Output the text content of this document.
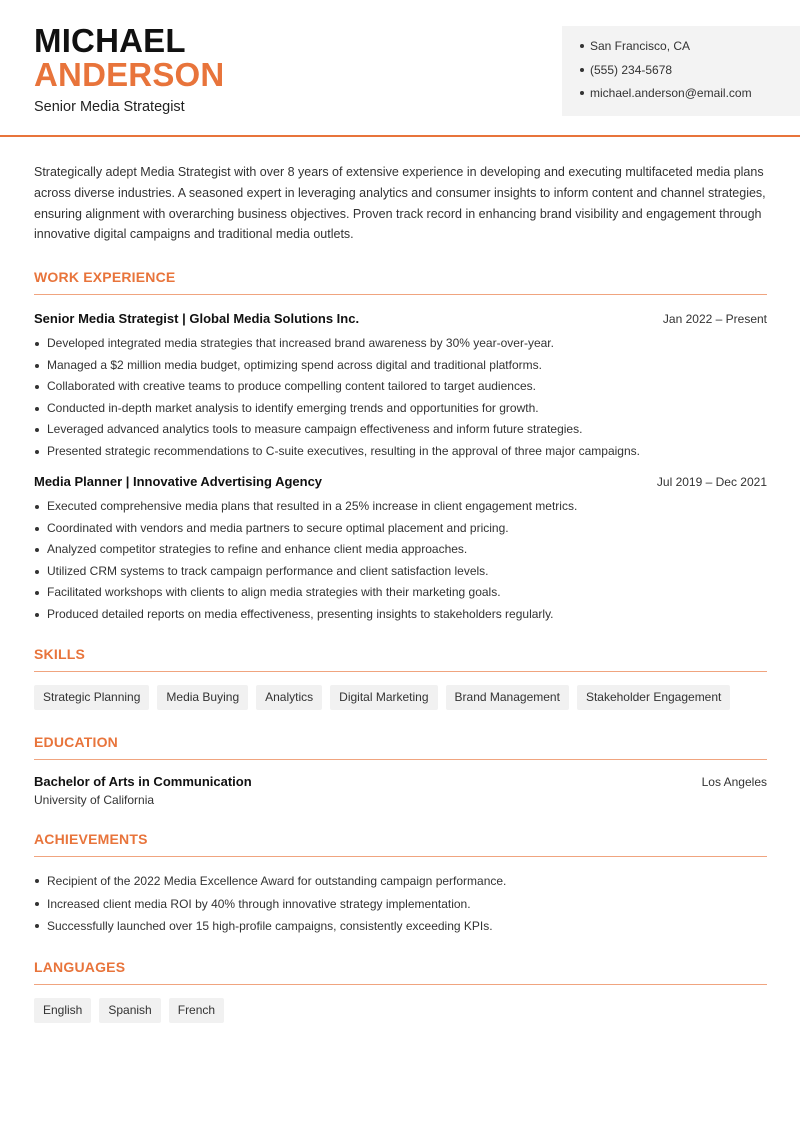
MICHAEL
ANDERSON
Senior Media Strategist
San Francisco, CA
(555) 234-5678
michael.anderson@email.com

Strategically adept Media Strategist with over 8 years of extensive experience in developing and executing multifaceted media plans across diverse industries. A seasoned expert in leveraging analytics and consumer insights to inform content and channel strategies, ensuring alignment with overarching business objectives. Proven track record in enhancing brand visibility and engagement through innovative digital campaigns and traditional media outlets.

WORK EXPERIENCE
Senior Media Strategist | Global Media Solutions Inc.	Jan 2022 – Present
Developed integrated media strategies that increased brand awareness by 30% year-over-year.
Managed a $2 million media budget, optimizing spend across digital and traditional platforms.
Collaborated with creative teams to produce compelling content tailored to target audiences.
Conducted in-depth market analysis to identify emerging trends and opportunities for growth.
Leveraged advanced analytics tools to measure campaign effectiveness and inform future strategies.
Presented strategic recommendations to C-suite executives, resulting in the approval of three major campaigns.
Media Planner | Innovative Advertising Agency	Jul 2019 – Dec 2021
Executed comprehensive media plans that resulted in a 25% increase in client engagement metrics.
Coordinated with vendors and media partners to secure optimal placement and pricing.
Analyzed competitor strategies to refine and enhance client media approaches.
Utilized CRM systems to track campaign performance and client satisfaction levels.
Facilitated workshops with clients to align media strategies with their marketing goals.
Produced detailed reports on media effectiveness, presenting insights to stakeholders regularly.
SKILLS
Strategic Planning	Media Buying	Analytics	Digital Marketing	Brand Management	Stakeholder Engagement
EDUCATION
Bachelor of Arts in Communication	Los Angeles
University of California
ACHIEVEMENTS
Recipient of the 2022 Media Excellence Award for outstanding campaign performance.
Increased client media ROI by 40% through innovative strategy implementation.
Successfully launched over 15 high-profile campaigns, consistently exceeding KPIs.
LANGUAGES
English	Spanish	French
